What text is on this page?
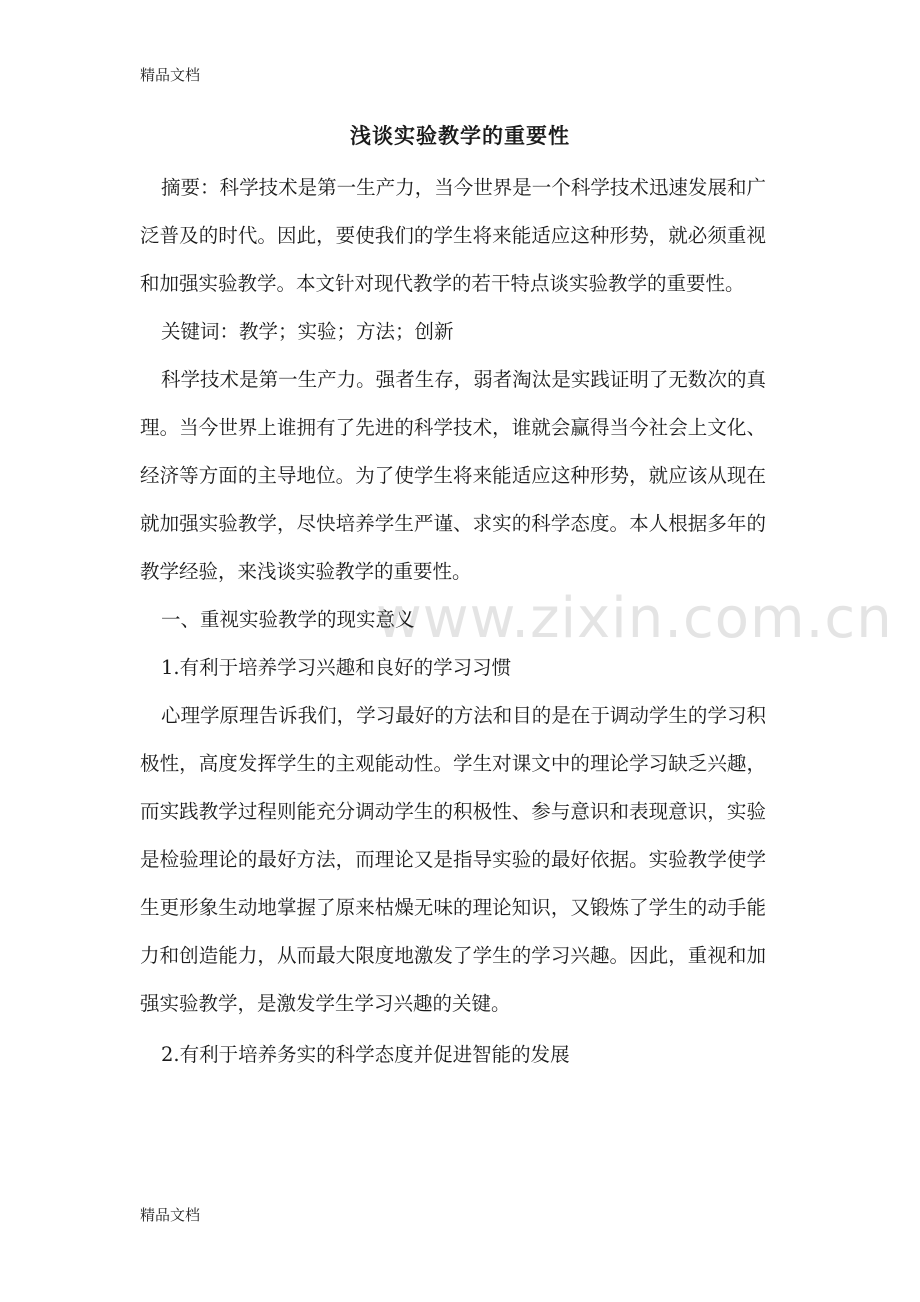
精品文档
www.zixin.com.cn
浅谈实验教学的重要性

摘要：科学技术是第一生产力，当今世界是一个科学技术迅速发展和广泛普及的时代。因此，要使我们的学生将来能适应这种形势，就必须重视和加强实验教学。本文针对现代教学的若干特点谈实验教学的重要性。

关键词：教学；实验；方法；创新

科学技术是第一生产力。强者生存，弱者淘汰是实践证明了无数次的真理。当今世界上谁拥有了先进的科学技术，谁就会赢得当今社会上文化、经济等方面的主导地位。为了使学生将来能适应这种形势，就应该从现在就加强实验教学，尽快培养学生严谨、求实的科学态度。本人根据多年的教学经验，来浅谈实验教学的重要性。

一、重视实验教学的现实意义

1.有利于培养学习兴趣和良好的学习习惯

心理学原理告诉我们，学习最好的方法和目的是在于调动学生的学习积极性，高度发挥学生的主观能动性。学生对课文中的理论学习缺乏兴趣，而实践教学过程则能充分调动学生的积极性、参与意识和表现意识，实验是检验理论的最好方法，而理论又是指导实验的最好依据。实验教学使学生更形象生动地掌握了原来枯燥无味的理论知识，又锻炼了学生的动手能力和创造能力，从而最大限度地激发了学生的学习兴趣。因此，重视和加强实验教学，是激发学生学习兴趣的关键。

2.有利于培养务实的科学态度并促进智能的发展

精品文档
